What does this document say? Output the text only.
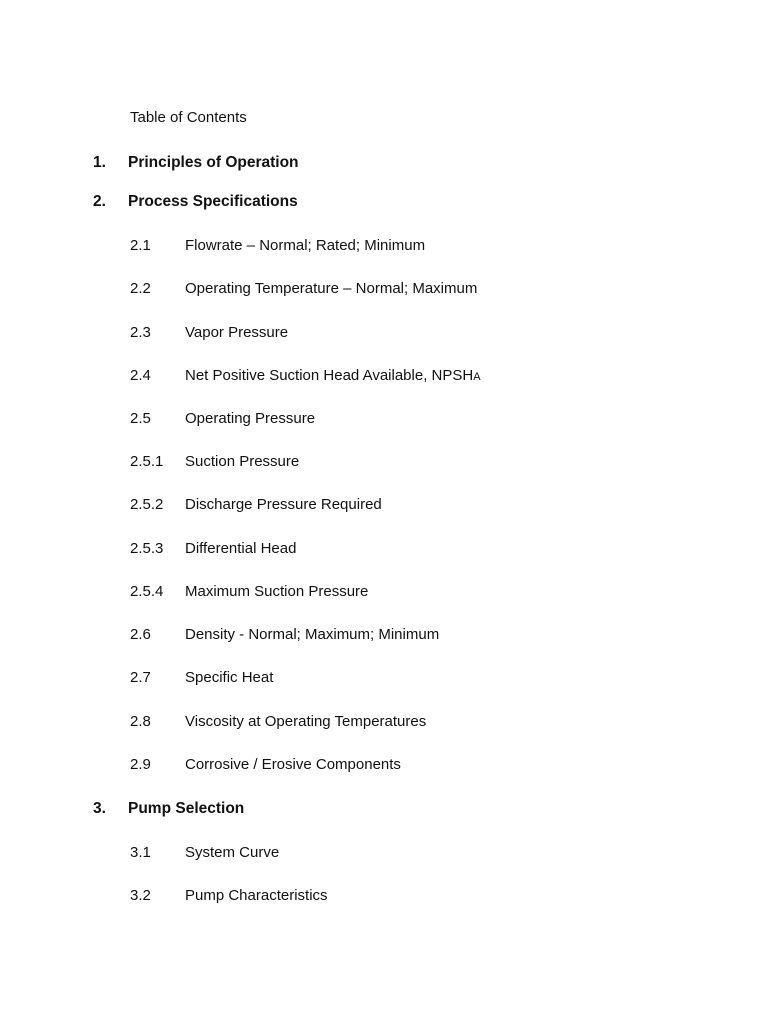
Table of Contents
1. Principles of Operation
2. Process Specifications
2.1 Flowrate – Normal; Rated; Minimum
2.2 Operating Temperature – Normal; Maximum
2.3 Vapor Pressure
2.4 Net Positive Suction Head Available, NPSHA
2.5 Operating Pressure
2.5.1 Suction Pressure
2.5.2 Discharge Pressure Required
2.5.3 Differential Head
2.5.4 Maximum Suction Pressure
2.6 Density - Normal; Maximum; Minimum
2.7 Specific Heat
2.8 Viscosity at Operating Temperatures
2.9 Corrosive / Erosive Components
3. Pump Selection
3.1 System Curve
3.2 Pump Characteristics
